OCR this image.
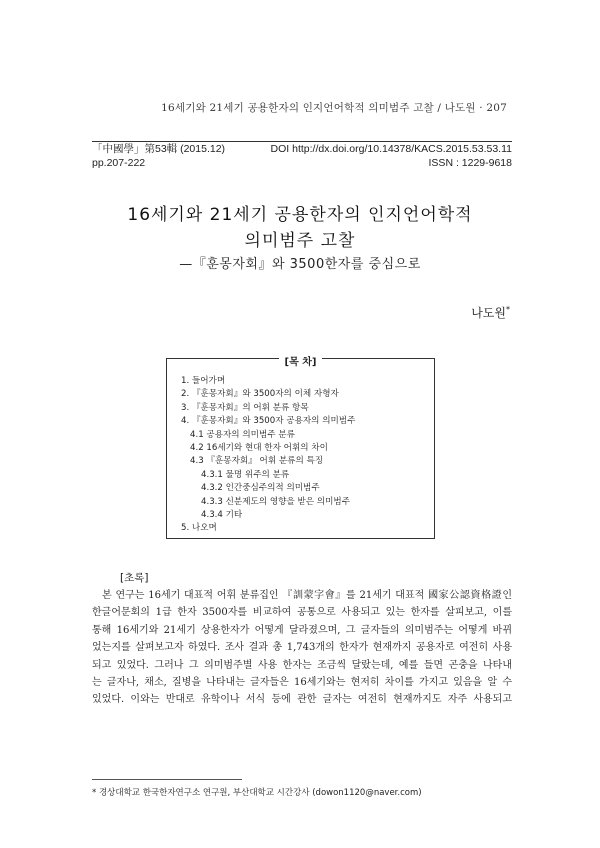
16세기와 21세기 공용한자의 인지언어학적 의미범주 고찰 / 나도원 · 207
「中國學」第53輯 (2015.12)	DOI http://dx.doi.org/10.14378/KACS.2015.53.53.11
pp.207-222	ISSN : 1229-9618
16세기와 21세기 공용한자의 인지언어학적
의미범주 고찰
—『훈몽자회』와 3500한자를 중심으로
나도원*
[목 차]
1. 들어가며
2. 『훈몽자회』와 3500자의 이체 자형자
3. 『훈몽자회』의 어휘 분류 항목
4. 『훈몽자회』와 3500자 공용자의 의미범주
4.1 공용자의 의미범주 분류
4.2 16세기와 현대 한자 어휘의 차이
4.3 『훈몽자회』 어휘 분류의 특징
4.3.1 물명 위주의 분류
4.3.2 인간중심주의적 의미범주
4.3.3 신분제도의 영향을 받은 의미범주
4.3.4 기타
5. 나오며
[초록]
본 연구는 16세기 대표적 어휘 분류집인 『訓蒙字會』를 21세기 대표적 國家公認資格證인
한글어문회의 1급 한자 3500자를 비교하여 공통으로 사용되고 있는 한자를 살피보고, 이를
통해 16세기와 21세기 상용한자가 어떻게 달라졌으며, 그 글자들의 의미범주는 어떻게 바뀌
었는지를 살펴보고자 하였다. 조사 결과 총 1,743개의 한자가 현재까지 공용자로 여전히 사용
되고 있었다. 그러나 그 의미범주별 사용 한자는 조금씩 달랐는데, 예를 들면 곤충을 나타내
는 글자나, 채소, 질병을 나타내는 글자들은 16세기와는 현저히 차이를 가지고 있음을 알 수
있었다. 이와는 반대로 유학이나 서식 등에 관한 글자는 여전히 현재까지도 자주 사용되고
* 경상대학교 한국한자연구소 연구원, 부산대학교 시간강사 (dowon1120@naver.com)
